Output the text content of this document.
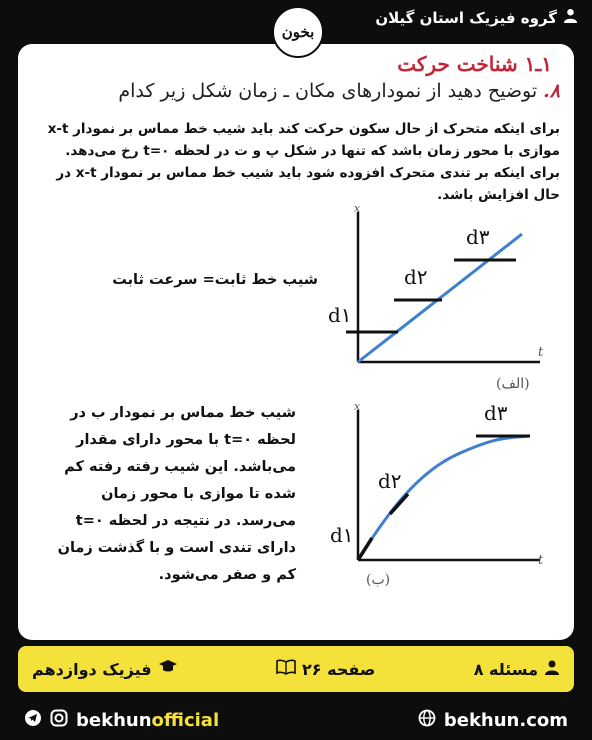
گروه فیزیک استان گیلان
بخون
۱ـ۱ شناخت حرکت
۸.توضیح دهید از نمودارهای مکان ـ زمان شکل زیر کدام

برای اینکه متحرک از حال سکون حرکت کند باید شیب خط مماس بر نمودار x-t

موازی با محور زمان باشد که تنها در شکل پ و ت در لحظه ۰=t رخ می‌دهد.

برای اینکه بر تندی متحرک افزوده شود باید شیب خط مماس بر نمودار x-t در

حال افزایش باشد.

شیب خط ثابت= سرعت ثابت
شیب خط مماس بر نمودار ب در لحظه ۰=t با محور دارای مقدار می‌باشد. این شیب رفته رفته کم شده تا موازی با محور زمان می‌رسد. در نتیجه در لحظه ۰=t دارای تندی است و با گذشت زمان کم و صفر می‌شود.
x
t
d۱
d۲
d۳
(الف)
x
t
d۱
d۲
d۳
(ب)
مسئله ۸
صفحه ۲۶
فیزیک دوازدهم
bekhunofficial	bekhun.com
